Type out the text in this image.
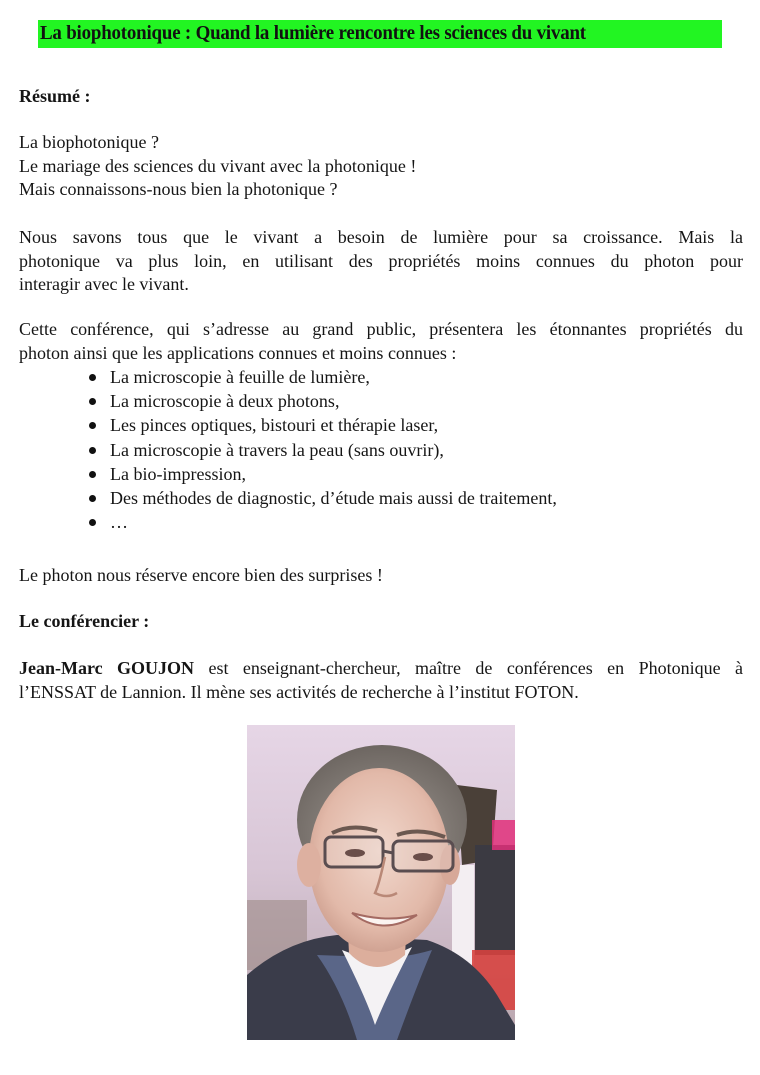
La biophotonique : Quand la lumière rencontre les sciences du vivant
Résumé :
La biophotonique ?
Le mariage des sciences du vivant avec la photonique !
Mais connaissons-nous bien la photonique ?
Nous savons tous que le vivant a besoin de lumière pour sa croissance. Mais la
photonique va plus loin, en utilisant des propriétés moins connues du photon pour
interagir avec le vivant.
Cette conférence, qui s’adresse au grand public, présentera les étonnantes propriétés du
photon ainsi que les applications connues et moins connues :
La microscopie à feuille de lumière,
La microscopie à deux photons,
Les pinces optiques, bistouri et thérapie laser,
La microscopie à travers la peau (sans ouvrir),
La bio-impression,
Des méthodes de diagnostic, d’étude mais aussi de traitement,
…
Le photon nous réserve encore bien des surprises !
Le conférencier :
Jean-Marc GOUJON est enseignant-chercheur, maître de conférences en Photonique à
l’ENSSAT de Lannion. Il mène ses activités de recherche à l’institut FOTON.
